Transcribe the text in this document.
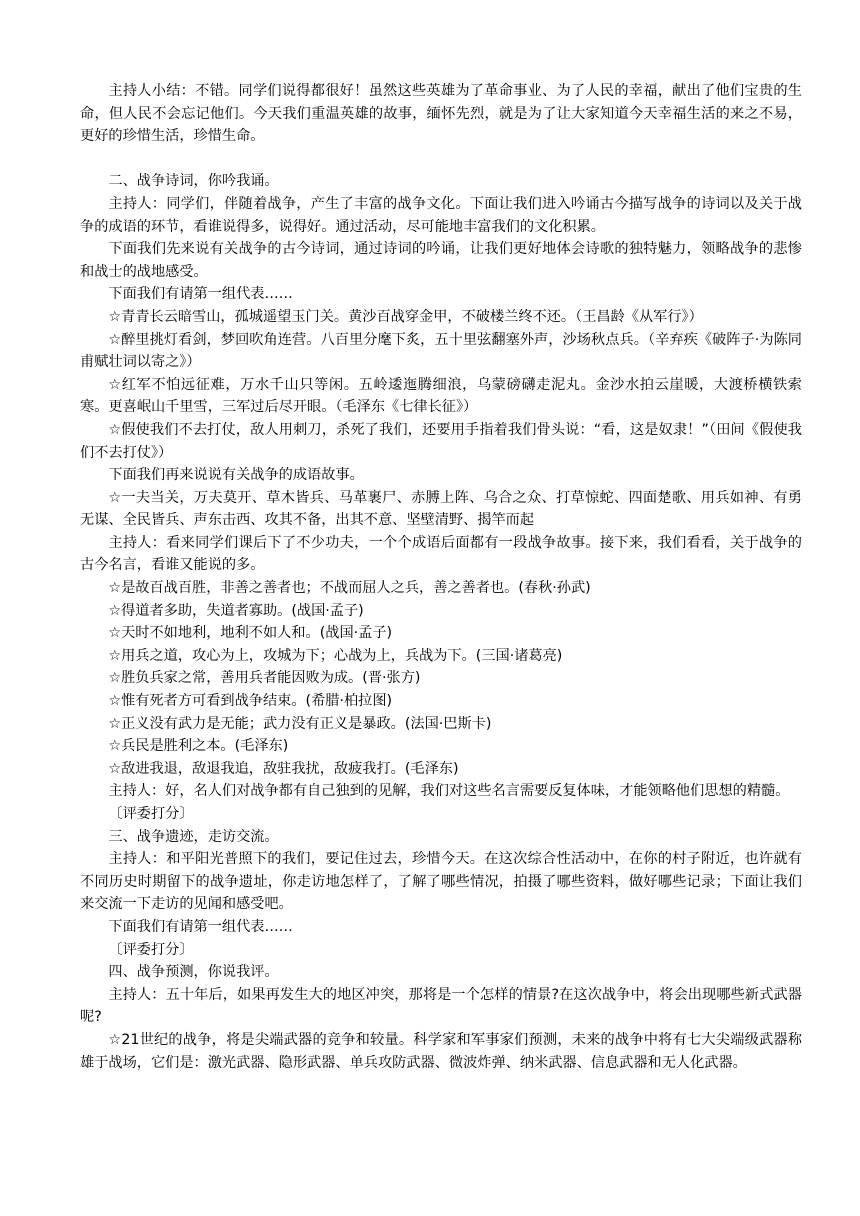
主持人小结：不错。同学们说得都很好！虽然这些英雄为了革命事业、为了人民的幸福，献出了他们宝贵的生命，但人民不会忘记他们。今天我们重温英雄的故事，缅怀先烈，就是为了让大家知道今天幸福生活的来之不易，更好的珍惜生活，珍惜生命。

二、战争诗词，你吟我诵。

主持人：同学们，伴随着战争，产生了丰富的战争文化。下面让我们进入吟诵古今描写战争的诗词以及关于战争的成语的环节，看谁说得多，说得好。通过活动，尽可能地丰富我们的文化积累。

下面我们先来说有关战争的古今诗词，通过诗词的吟诵，让我们更好地体会诗歌的独特魅力，领略战争的悲惨和战士的战地感受。

下面我们有请第一组代表……

☆青青长云暗雪山，孤城遥望玉门关。黄沙百战穿金甲，不破楼兰终不还。（王昌龄《从军行》）

☆醉里挑灯看剑，梦回吹角连营。八百里分麾下炙，五十里弦翻塞外声，沙场秋点兵。（辛弃疾《破阵子·为陈同甫赋壮词以寄之》）

☆红军不怕远征难，万水千山只等闲。五岭逶迤腾细浪，乌蒙磅礴走泥丸。金沙水拍云崖暖，大渡桥横铁索寒。更喜岷山千里雪，三军过后尽开眼。（毛泽东《七律长征》）

☆假使我们不去打仗，敌人用刺刀，杀死了我们，还要用手指着我们骨头说：“看，这是奴隶！”（田间《假使我们不去打仗》）

下面我们再来说说有关战争的成语故事。

☆一夫当关，万夫莫开、草木皆兵、马革裹尸、赤膊上阵、乌合之众、打草惊蛇、四面楚歌、用兵如神、有勇无谋、全民皆兵、声东击西、攻其不备，出其不意、坚壁清野、揭竿而起

主持人：看来同学们课后下了不少功夫，一个个成语后面都有一段战争故事。接下来，我们看看，关于战争的古今名言，看谁又能说的多。

☆是故百战百胜，非善之善者也；不战而屈人之兵，善之善者也。(春秋·孙武)

☆得道者多助，失道者寡助。(战国·孟子)

☆天时不如地利，地利不如人和。(战国·孟子)

☆用兵之道，攻心为上，攻城为下；心战为上，兵战为下。(三国·诸葛亮)

☆胜负兵家之常，善用兵者能因败为成。(晋·张方)

☆惟有死者方可看到战争结束。(希腊·柏拉图)

☆正义没有武力是无能；武力没有正义是暴政。(法国·巴斯卡)

☆兵民是胜利之本。(毛泽东)

☆敌进我退，敌退我追，敌驻我扰，敌疲我打。(毛泽东)

主持人：好，名人们对战争都有自己独到的见解，我们对这些名言需要反复体味，才能领略他们思想的精髓。

〔评委打分〕

三、战争遗迹，走访交流。

主持人：和平阳光普照下的我们，要记住过去，珍惜今天。在这次综合性活动中，在你的村子附近，也许就有不同历史时期留下的战争遗址，你走访地怎样了，了解了哪些情况，拍摄了哪些资料，做好哪些记录；下面让我们来交流一下走访的见闻和感受吧。

下面我们有请第一组代表……

〔评委打分〕

四、战争预测，你说我评。

主持人：五十年后，如果再发生大的地区冲突，那将是一个怎样的情景?在这次战争中，将会出现哪些新式武器呢?

☆21世纪的战争，将是尖端武器的竞争和较量。科学家和军事家们预测，未来的战争中将有七大尖端级武器称雄于战场，它们是：激光武器、隐形武器、单兵攻防武器、微波炸弹、纳米武器、信息武器和无人化武器。
